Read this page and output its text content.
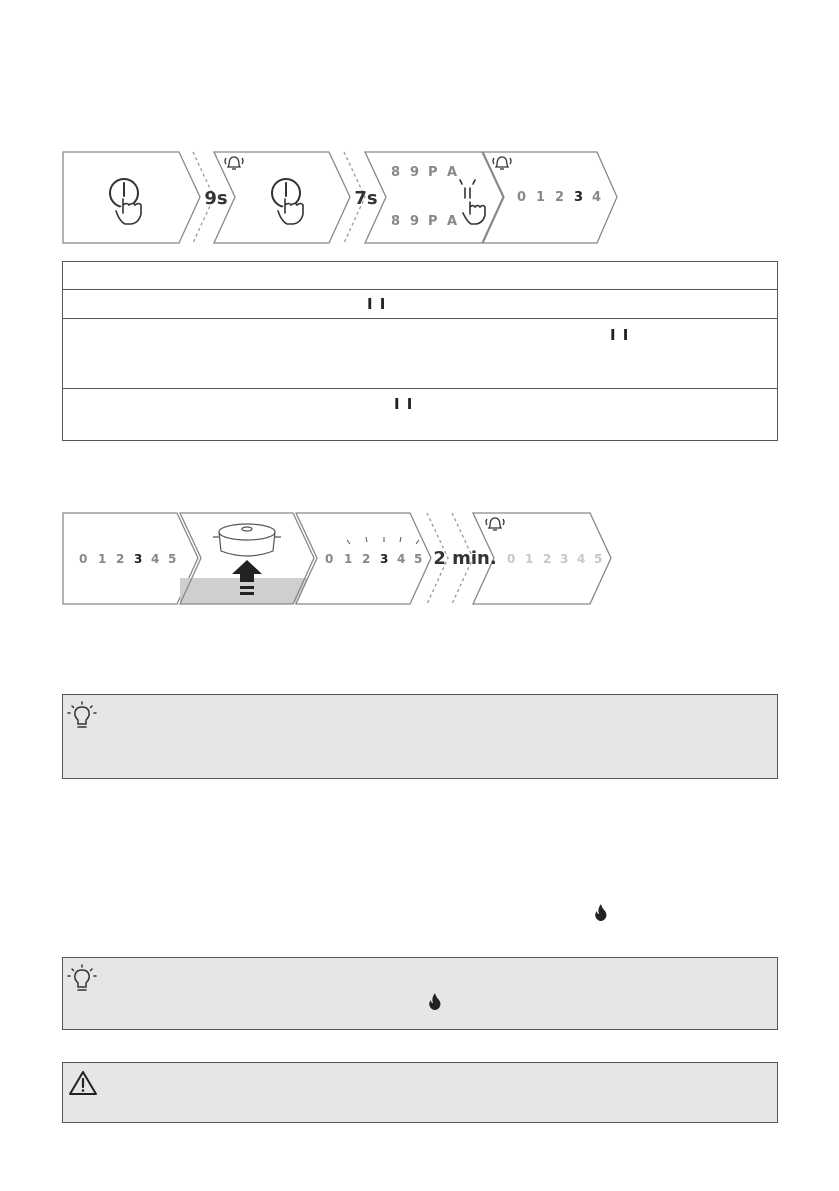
9s	7s
8 9 P A
8 9 P A
0 1 2 3 4
I I
I I
I I
0 1 2 3 4 5	0 1 2 3 4 5 2 min. 0 1 2 3 4 5
